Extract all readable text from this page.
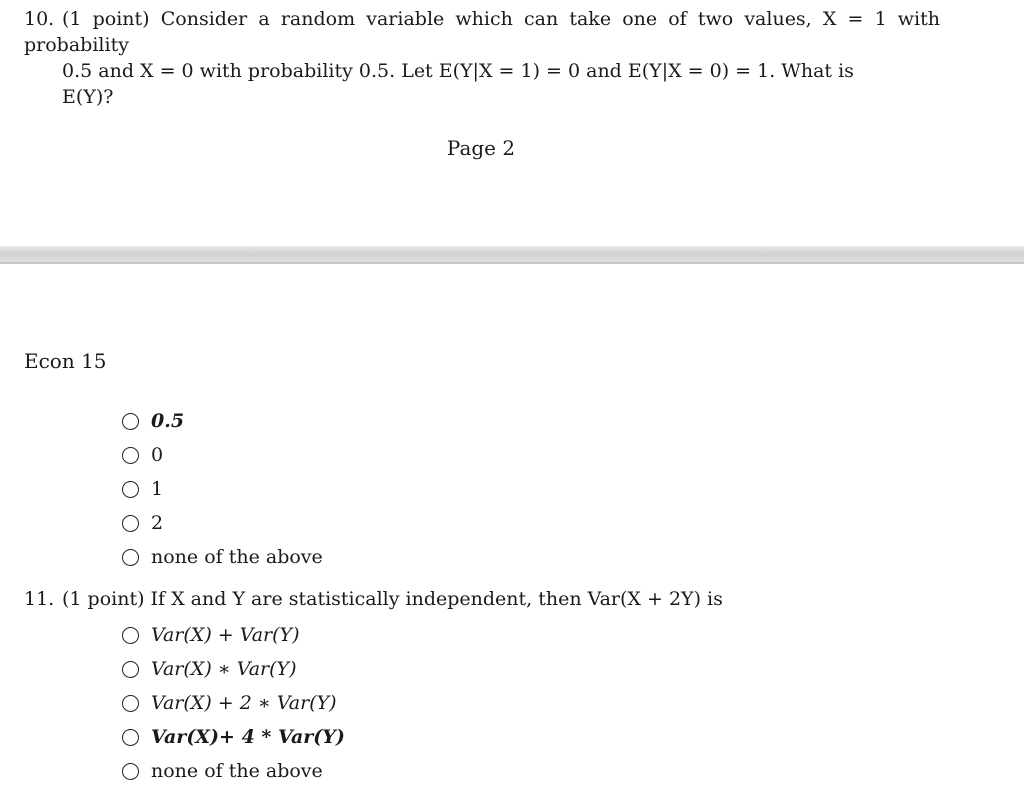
10. (1 point) Consider a random variable which can take one of two values, X = 1 with probability
0.5 and X = 0 with probability 0.5. Let E(Y|X = 1) = 0 and E(Y|X = 0) = 1. What is
E(Y)?
Page 2
Econ 15
0.5
0
1
2
none of the above
11. (1 point) If X and Y are statistically independent, then Var(X + 2Y) is
Var(X) + Var(Y)
Var(X) ∗ Var(Y)
Var(X) + 2 ∗ Var(Y)
Var(X)+ 4 * Var(Y)
none of the above
